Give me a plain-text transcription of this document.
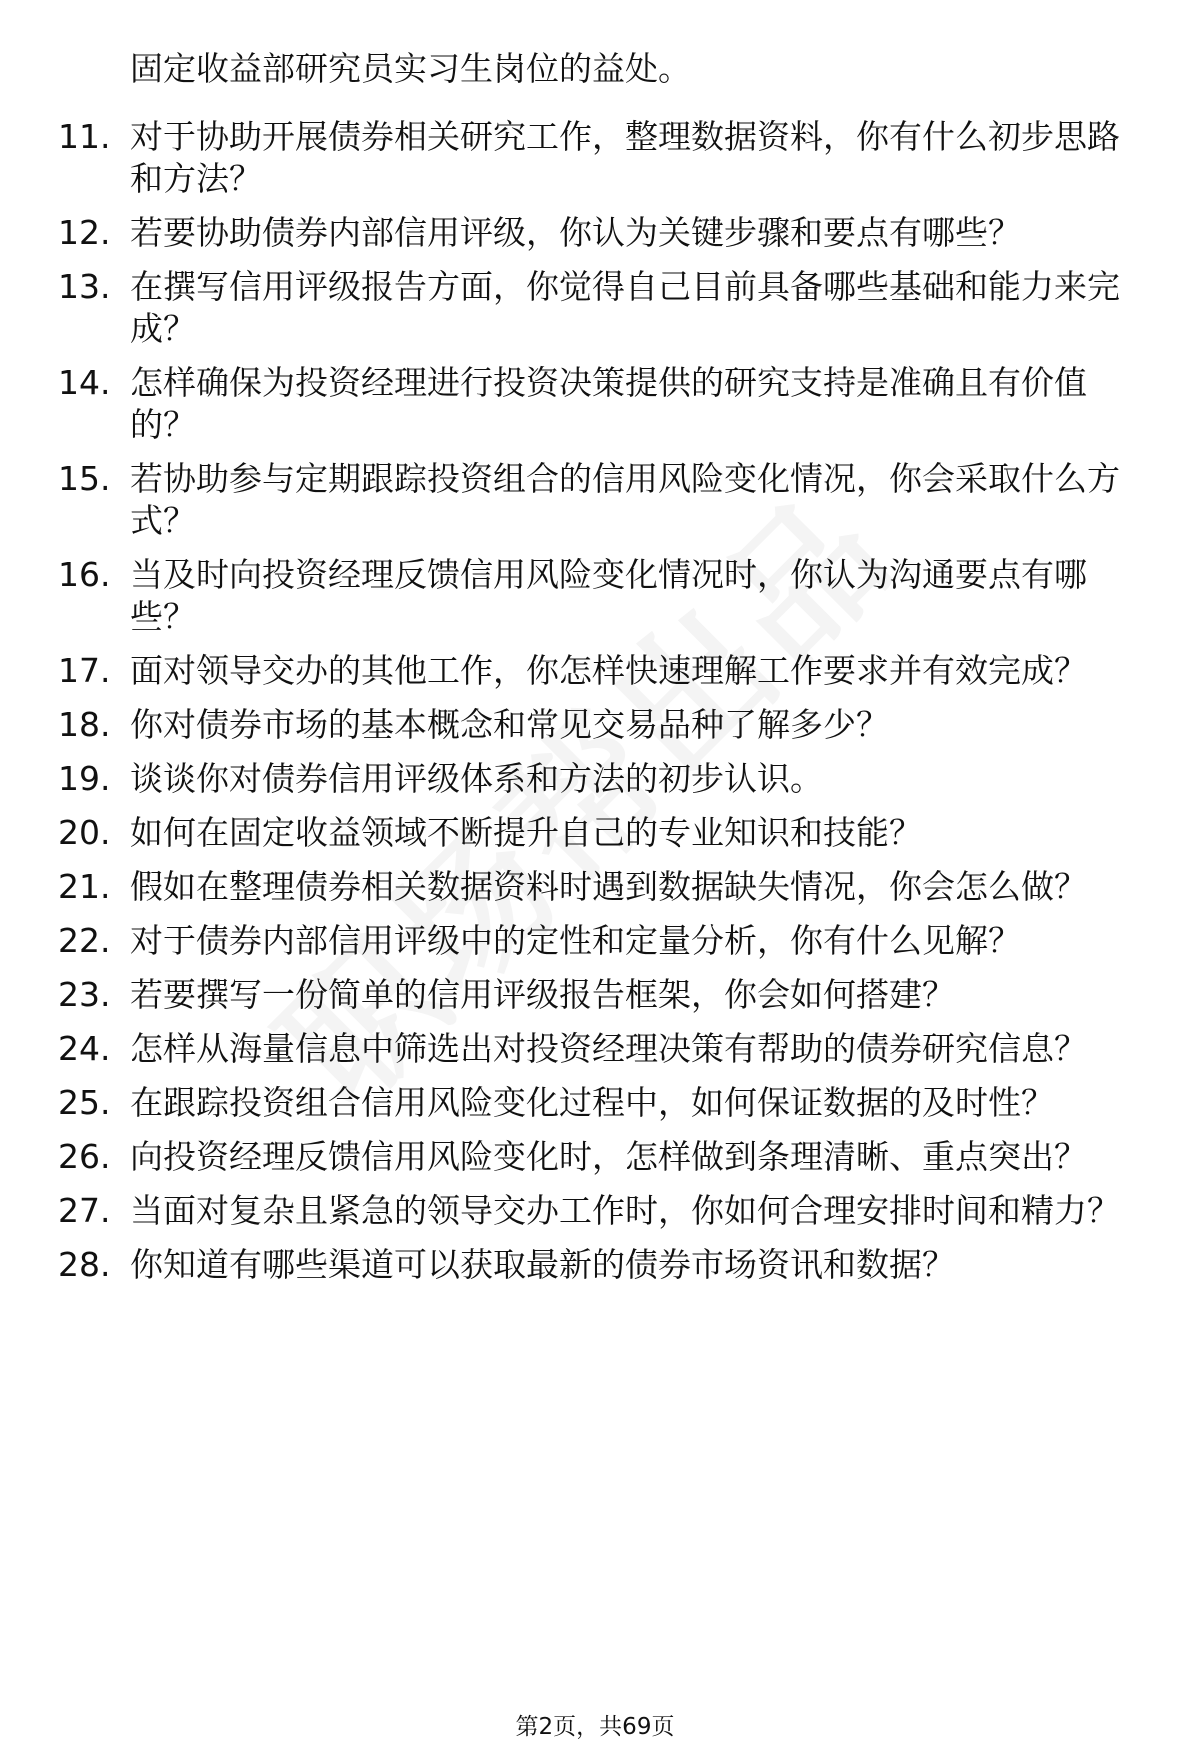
固定收益部研究员实习生岗位的益处。
11. 对于协助开展债券相关研究工作，整理数据资料，你有什么初步思路和方法？
12. 若要协助债券内部信用评级，你认为关键步骤和要点有哪些？
13. 在撰写信用评级报告方面，你觉得自己目前具备哪些基础和能力来完成？
14. 怎样确保为投资经理进行投资决策提供的研究支持是准确且有价值的？
15. 若协助参与定期跟踪投资组合的信用风险变化情况，你会采取什么方式？
16. 当及时向投资经理反馈信用风险变化情况时，你认为沟通要点有哪些？
17. 面对领导交办的其他工作，你怎样快速理解工作要求并有效完成？
18. 你对债券市场的基本概念和常见交易品种了解多少？
19. 谈谈你对债券信用评级体系和方法的初步认识。
20. 如何在固定收益领域不断提升自己的专业知识和技能？
21. 假如在整理债券相关数据资料时遇到数据缺失情况，你会怎么做？
22. 对于债券内部信用评级中的定性和定量分析，你有什么见解？
23. 若要撰写一份简单的信用评级报告框架，你会如何搭建？
24. 怎样从海量信息中筛选出对投资经理决策有帮助的债券研究信息？
25. 在跟踪投资组合信用风险变化过程中，如何保证数据的及时性？
26. 向投资经理反馈信用风险变化时，怎样做到条理清晰、重点突出？
27. 当面对复杂且紧急的领导交办工作时，你如何合理安排时间和精力？
28. 你知道有哪些渠道可以获取最新的债券市场资讯和数据？
第2页，共69页
